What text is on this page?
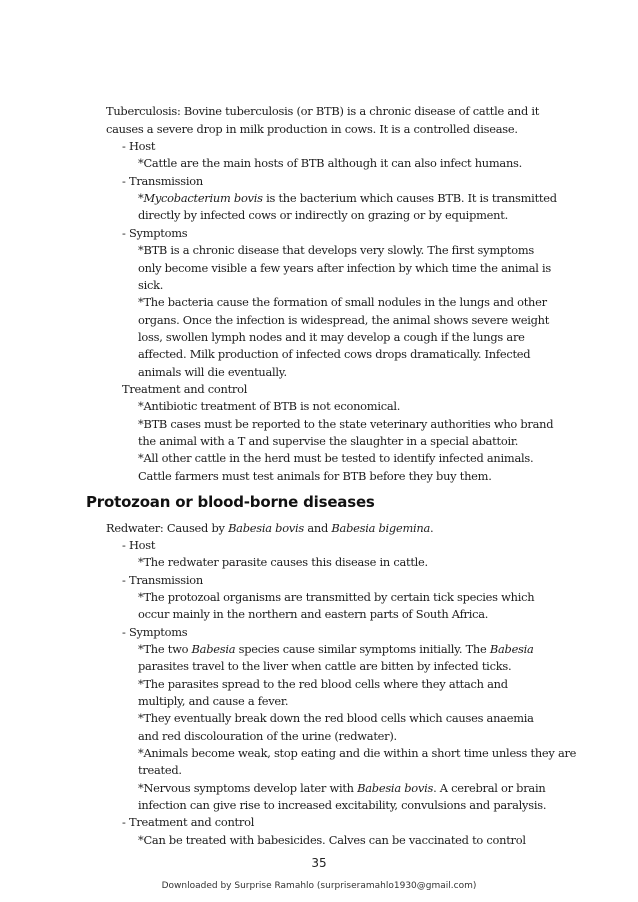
Tuberculosis: Bovine tuberculosis (or BTB) is a chronic disease of cattle and it
causes a severe drop in milk production in cows. It is a controlled disease.
- Host
*Cattle are the main hosts of BTB although it can also infect humans.
- Transmission
*Mycobacterium bovis is the bacterium which causes BTB. It is transmitted
directly by infected cows or indirectly on grazing or by equipment.
- Symptoms
*BTB is a chronic disease that develops very slowly. The first symptoms
only become visible a few years after infection by which time the animal is
sick.
*The bacteria cause the formation of small nodules in the lungs and other
organs. Once the infection is widespread, the animal shows severe weight
loss, swollen lymph nodes and it may develop a cough if the lungs are
affected. Milk production of infected cows drops dramatically. Infected
animals will die eventually.
Treatment and control
*Antibiotic treatment of BTB is not economical.
*BTB cases must be reported to the state veterinary authorities who brand
the animal with a T and supervise the slaughter in a special abattoir.
*All other cattle in the herd must be tested to identify infected animals.
Cattle farmers must test animals for BTB before they buy them.
Protozoan or blood-borne diseases
Redwater: Caused by Babesia bovis and Babesia bigemina.
- Host
*The redwater parasite causes this disease in cattle.
- Transmission
*The protozoal organisms are transmitted by certain tick species which
occur mainly in the northern and eastern parts of South Africa.
- Symptoms
*The two Babesia species cause similar symptoms initially. The Babesia
parasites travel to the liver when cattle are bitten by infected ticks.
*The parasites spread to the red blood cells where they attach and
multiply, and cause a fever.
*They eventually break down the red blood cells which causes anaemia
and red discolouration of the urine (redwater).
*Animals become weak, stop eating and die within a short time unless they are
treated.
*Nervous symptoms develop later with Babesia bovis. A cerebral or brain
infection can give rise to increased excitability, convulsions and paralysis.
- Treatment and control
*Can be treated with babesicides. Calves can be vaccinated to control
35
Downloaded by Surprise Ramahlo (surpriseramahlo1930@gmail.com)
